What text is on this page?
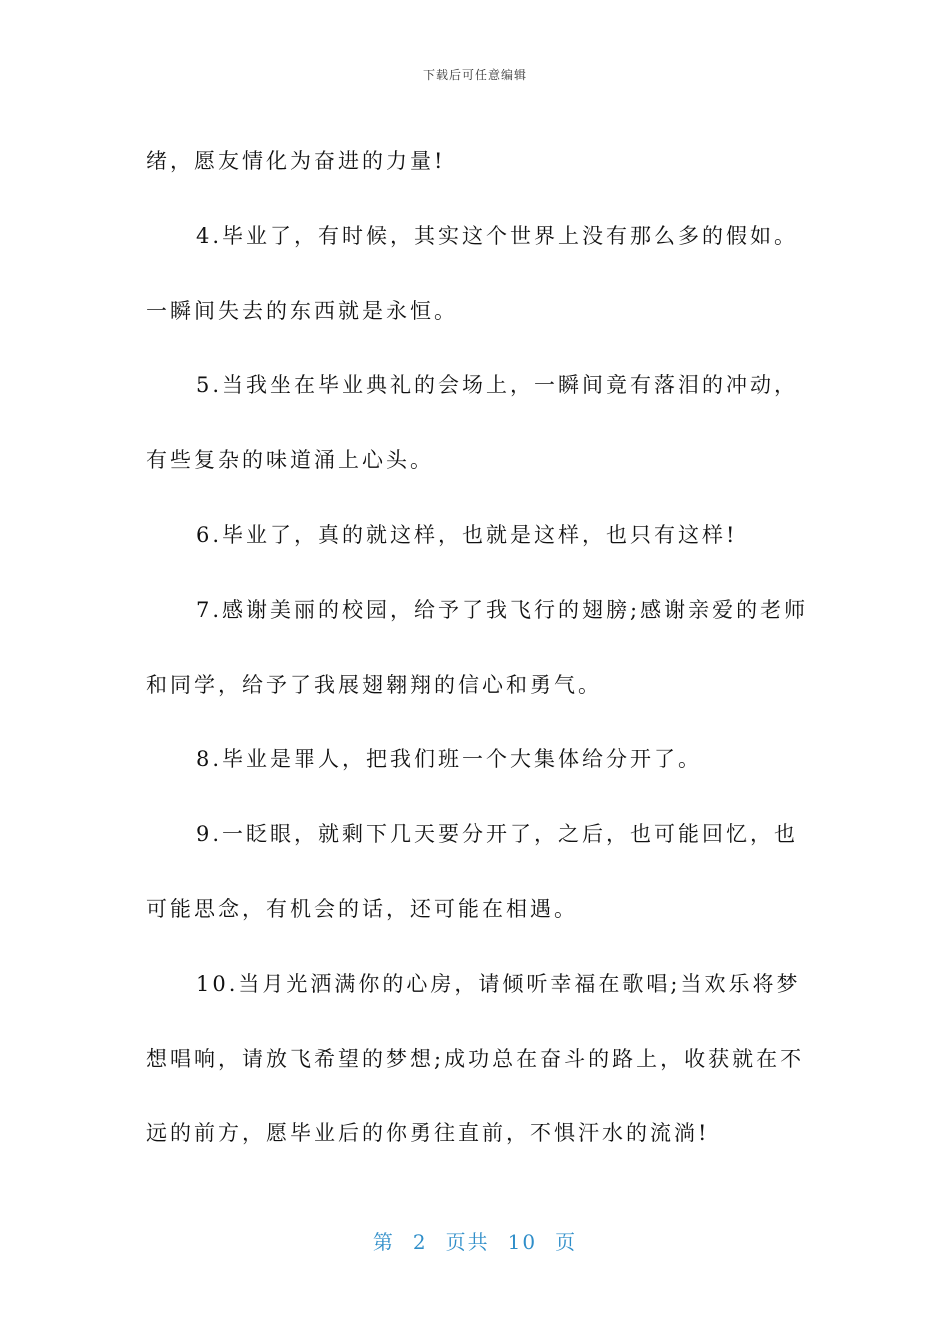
下载后可任意编辑

绪，愿友情化为奋进的力量!

4.毕业了，有时候，其实这个世界上没有那么多的假如。

一瞬间失去的东西就是永恒。

5.当我坐在毕业典礼的会场上，一瞬间竟有落泪的冲动，

有些复杂的味道涌上心头。

6.毕业了，真的就这样，也就是这样，也只有这样!

7.感谢美丽的校园，给予了我飞行的翅膀;感谢亲爱的老师

和同学，给予了我展翅翱翔的信心和勇气。

8.毕业是罪人，把我们班一个大集体给分开了。

9.一眨眼，就剩下几天要分开了，之后，也可能回忆，也

可能思念，有机会的话，还可能在相遇。

10.当月光洒满你的心房，请倾听幸福在歌唱;当欢乐将梦

想唱响，请放飞希望的梦想;成功总在奋斗的路上，收获就在不

远的前方，愿毕业后的你勇往直前，不惧汗水的流淌!

第 2 页共 10 页
